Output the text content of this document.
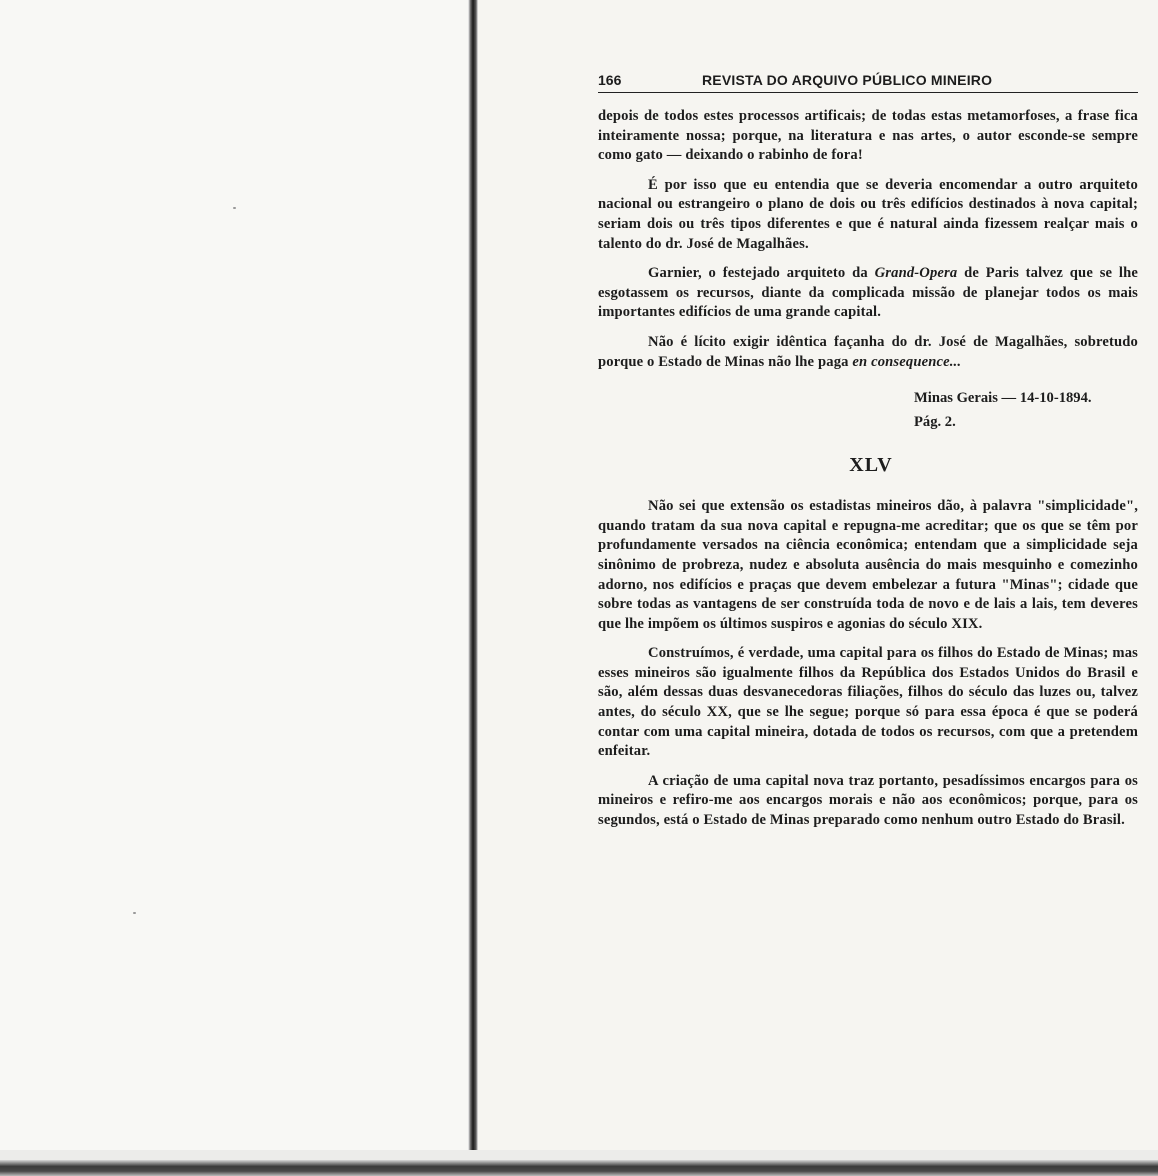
166	REVISTA DO ARQUIVO PÚBLICO MINEIRO

depois de todos estes processos artificais; de todas estas metamorfoses, a frase fica inteiramente nossa; porque, na literatura e nas artes, o autor esconde-se sempre como gato — deixando o rabinho de fora!

É por isso que eu entendia que se deveria encomendar a outro arquiteto nacional ou estrangeiro o plano de dois ou três edifícios destinados à nova capital; seriam dois ou três tipos diferentes e que é natural ainda fizessem realçar mais o talento do dr. José de Magalhães.

Garnier, o festejado arquiteto da Grand-Opera de Paris talvez que se lhe esgotassem os recursos, diante da complicada missão de planejar todos os mais importantes edifícios de uma grande capital.

Não é lícito exigir idêntica façanha do dr. José de Magalhães, sobretudo porque o Estado de Minas não lhe paga en consequence...

Minas Gerais — 14-10-1894.
Pág. 2.
XLV

Não sei que extensão os estadistas mineiros dão, à palavra "simplicidade", quando tratam da sua nova capital e repugna-me acreditar; que os que se têm por profundamente versados na ciência econômica; entendam que a simplicidade seja sinônimo de probreza, nudez e absoluta ausência do mais mesquinho e comezinho adorno, nos edifícios e praças que devem embelezar a futura "Minas"; cidade que sobre todas as vantagens de ser construída toda de novo e de lais a lais, tem deveres que lhe impõem os últimos suspiros e agonias do século XIX.

Construímos, é verdade, uma capital para os filhos do Estado de Minas; mas esses mineiros são igualmente filhos da República dos Estados Unidos do Brasil e são, além dessas duas desvanecedoras filiações, filhos do século das luzes ou, talvez antes, do século XX, que se lhe segue; porque só para essa época é que se poderá contar com uma capital mineira, dotada de todos os recursos, com que a pretendem enfeitar.

A criação de uma capital nova traz portanto, pesadíssimos encargos para os mineiros e refiro-me aos encargos morais e não aos econômicos; porque, para os segundos, está o Estado de Minas preparado como nenhum outro Estado do Brasil.
